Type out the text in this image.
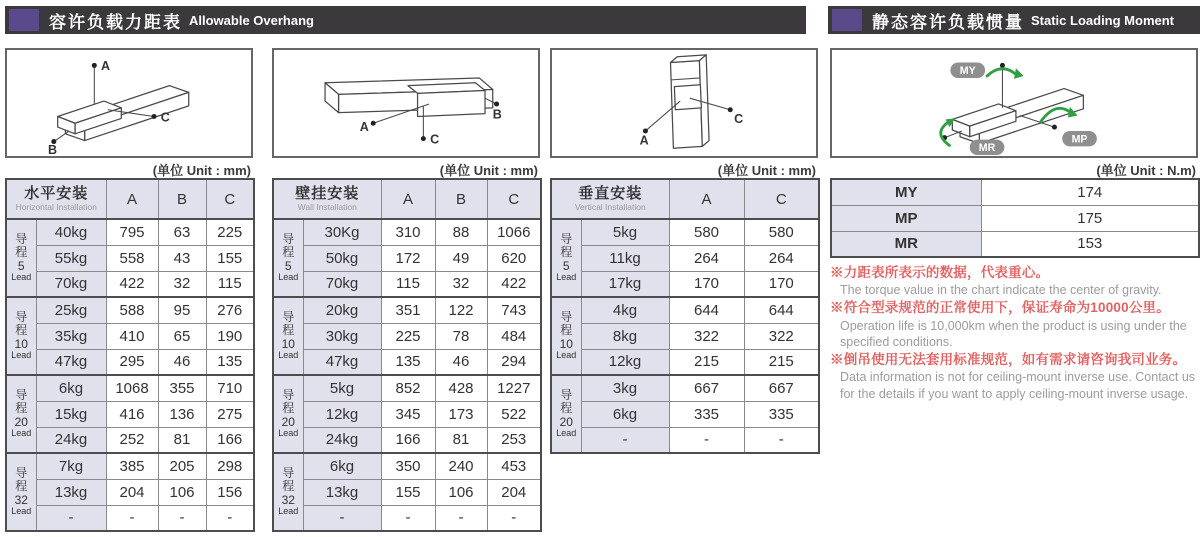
容许负载力距表 Allowable Overhang	静态容许负载惯量 Static Loading Moment
A
B
C
(单位 Unit : mm)
水平安装
Horizontal Installation		A	B	C

导
程
5
Lead	40kg	795	63	225
	55kg	558	43	155
	70kg	422	32	115

导
程
10
Lead	25kg	588	95	276
	35kg	410	65	190
	47kg	295	46	135

导
程
20
Lead	6kg	1068	355	710
	15kg	416	136	275
	24kg	252	81	166

导
程
32
Lead	7kg	385	205	298
	13kg	204	106	156
	-	-	-	-
A
B
C
(单位 Unit : mm)
壁挂安装
Wall Installation		A	B	C

导
程
5
Lead	30Kg	310	88	1066
	50kg	172	49	620
	70kg	115	32	422

导
程
10
Lead	20kg	351	122	743
	30kg	225	78	484
	47kg	135	46	294

导
程
20
Lead	5kg	852	428	1227
	12kg	345	173	522
	24kg	166	81	253

导
程
32
Lead	6kg	350	240	453
	13kg	155	106	204
	-	-	-	-
A
C
(单位 Unit : mm)
垂直安装
Vertical Installation		A	C

导
程
5
Lead	5kg	580	580
	11kg	264	264
	17kg	170	170

导
程
10
Lead	4kg	644	644
	8kg	322	322
	12kg	215	215

导
程
20
Lead	3kg	667	667
	6kg	335	335
	-	-	-
MY
MP
MR
(单位 Unit : N.m)
MY	174
MP	175
MR	153
※力距表所表示的数据，代表重心。
The torque value in the chart indicate the center of gravity.
※符合型录规范的正常使用下，保证寿命为10000公里。
Operation life is 10,000km when the product is using under the specified conditions.
※倒吊使用无法套用标准规范，如有需求请咨询我司业务。
Data information is not for ceiling-mount inverse use. Contact us for the details if you want to apply ceiling-mount inverse usage.
